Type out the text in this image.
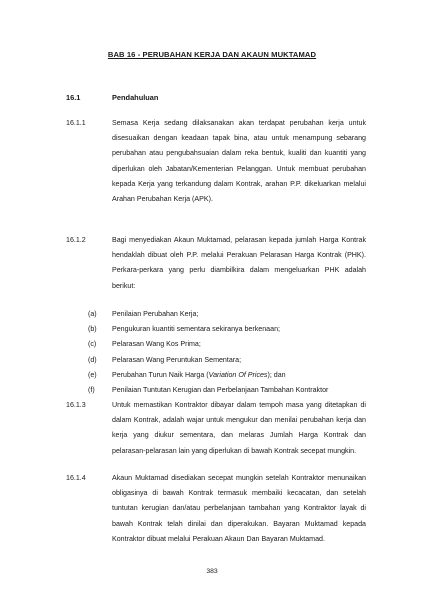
BAB 16 - PERUBAHAN KERJA DAN AKAUN MUKTAMAD
16.1	Pendahuluan
16.1.1	Semasa Kerja sedang dilaksanakan akan terdapat perubahan kerja untuk
disesuaikan dengan keadaan tapak bina, atau untuk menampung sebarang
perubahan atau pengubahsuaian dalam reka bentuk, kualiti dan kuantiti yang
diperlukan oleh Jabatan/Kementerian Pelanggan. Untuk membuat perubahan
kepada Kerja yang terkandung dalam Kontrak, arahan P.P. dikeluarkan melalui
Arahan Perubahan Kerja (APK).
16.1.2	Bagi menyediakan Akaun Muktamad, pelarasan kepada jumlah Harga Kontrak
hendaklah dibuat oleh P.P. melalui Perakuan Pelarasan Harga Kontrak (PHK).
Perkara-perkara yang perlu diambilkira dalam mengeluarkan PHK adalah
berikut:
(a) Penilaian Perubahan Kerja;
(b) Pengukuran kuantiti sementara sekiranya berkenaan;
(c) Pelarasan Wang Kos Prima;
(d) Pelarasan Wang Peruntukan Sementara;
(e) Perubahan Turun Naik Harga (Variation Of Prices); dan
(f) Penilaian Tuntutan Kerugian dan Perbelanjaan Tambahan Kontraktor
16.1.3	Untuk memastikan Kontraktor dibayar dalam tempoh masa yang ditetapkan di
dalam Kontrak, adalah wajar untuk mengukur dan menilai perubahan kerja dan
kerja yang diukur sementara, dan melaras Jumlah Harga Kontrak dan
pelarasan-pelarasan lain yang diperlukan di bawah Kontrak secepat mungkin.
16.1.4	Akaun Muktamad disediakan secepat mungkin setelah Kontraktor menunaikan
obligasinya di bawah Kontrak termasuk membaiki kecacatan, dan setelah
tuntutan kerugian dan/atau perbelanjaan tambahan yang Kontraktor layak di
bawah Kontrak telah dinilai dan diperakukan. Bayaran Muktamad kepada
Kontraktor dibuat melalui Perakuan Akaun Dan Bayaran Muktamad.
383
